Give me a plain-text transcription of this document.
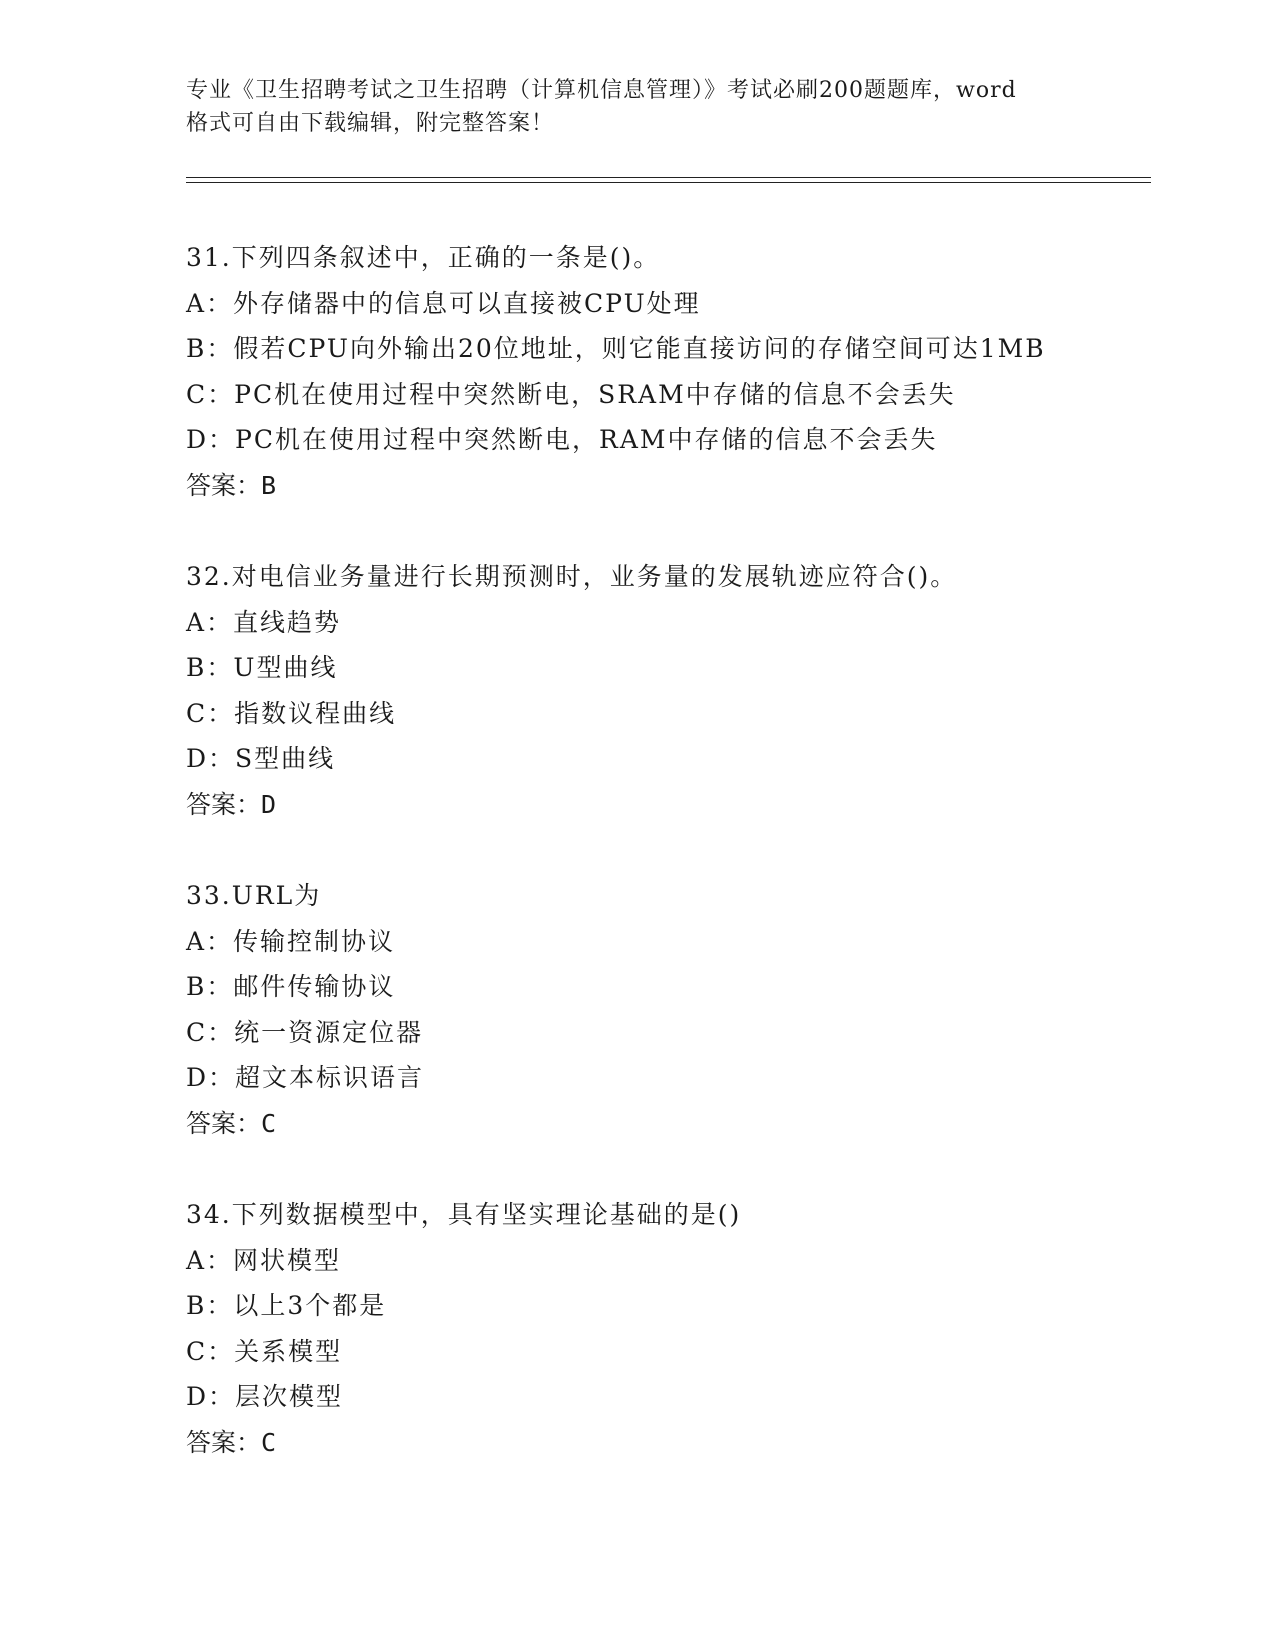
专业《卫生招聘考试之卫生招聘（计算机信息管理）》考试必刷200题题库，word
格式可自由下载编辑，附完整答案！
31.下列四条叙述中，正确的一条是()。
A：外存储器中的信息可以直接被CPU处理
B：假若CPU向外输出20位地址，则它能直接访问的存储空间可达1MB
C：PC机在使用过程中突然断电，SRAM中存储的信息不会丢失
D：PC机在使用过程中突然断电，RAM中存储的信息不会丢失
答案：B
32.对电信业务量进行长期预测时，业务量的发展轨迹应符合()。
A：直线趋势
B：U型曲线
C：指数议程曲线
D：S型曲线
答案：D
33.URL为
A：传输控制协议
B：邮件传输协议
C：统一资源定位器
D：超文本标识语言
答案：C
34.下列数据模型中，具有坚实理论基础的是()
A：网状模型
B：以上3个都是
C：关系模型
D：层次模型
答案：C
